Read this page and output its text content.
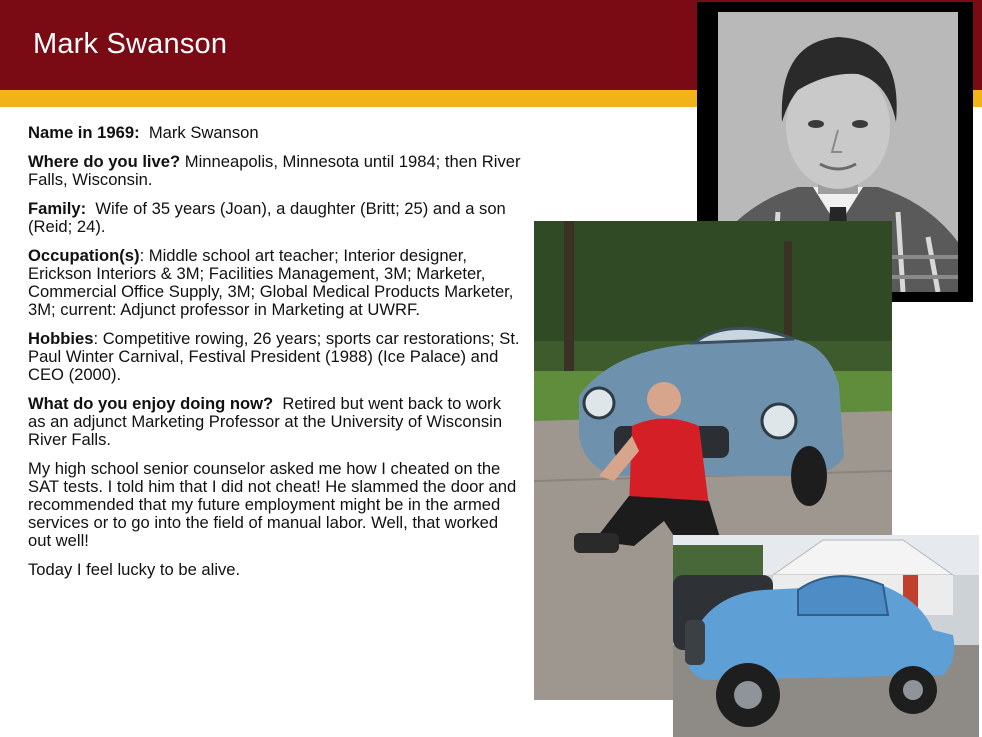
Mark Swanson

Name in 1969: Mark Swanson

Where do you live? Minneapolis, Minnesota until 1984; then River Falls, Wisconsin.

Family: Wife of 35 years (Joan), a daughter (Britt; 25) and a son (Reid; 24).

Occupation(s): Middle school art teacher; Interior designer, Erickson Interiors & 3M; Facilities Management, 3M; Marketer, Commercial Office Supply, 3M; Global Medical Products Marketer, 3M; current: Adjunct professor in Marketing at UWRF.

Hobbies: Competitive rowing, 26 years; sports car restorations; St. Paul Winter Carnival, Festival President (1988) (Ice Palace) and CEO (2000).

What do you enjoy doing now? Retired but went back to work as an adjunct Marketing Professor at the University of Wisconsin River Falls.

My high school senior counselor asked me how I cheated on the SAT tests. I told him that I did not cheat! He slammed the door and recommended that my future employment might be in the armed services or to go into the field of manual labor. Well, that worked out well!

Today I feel lucky to be alive.
